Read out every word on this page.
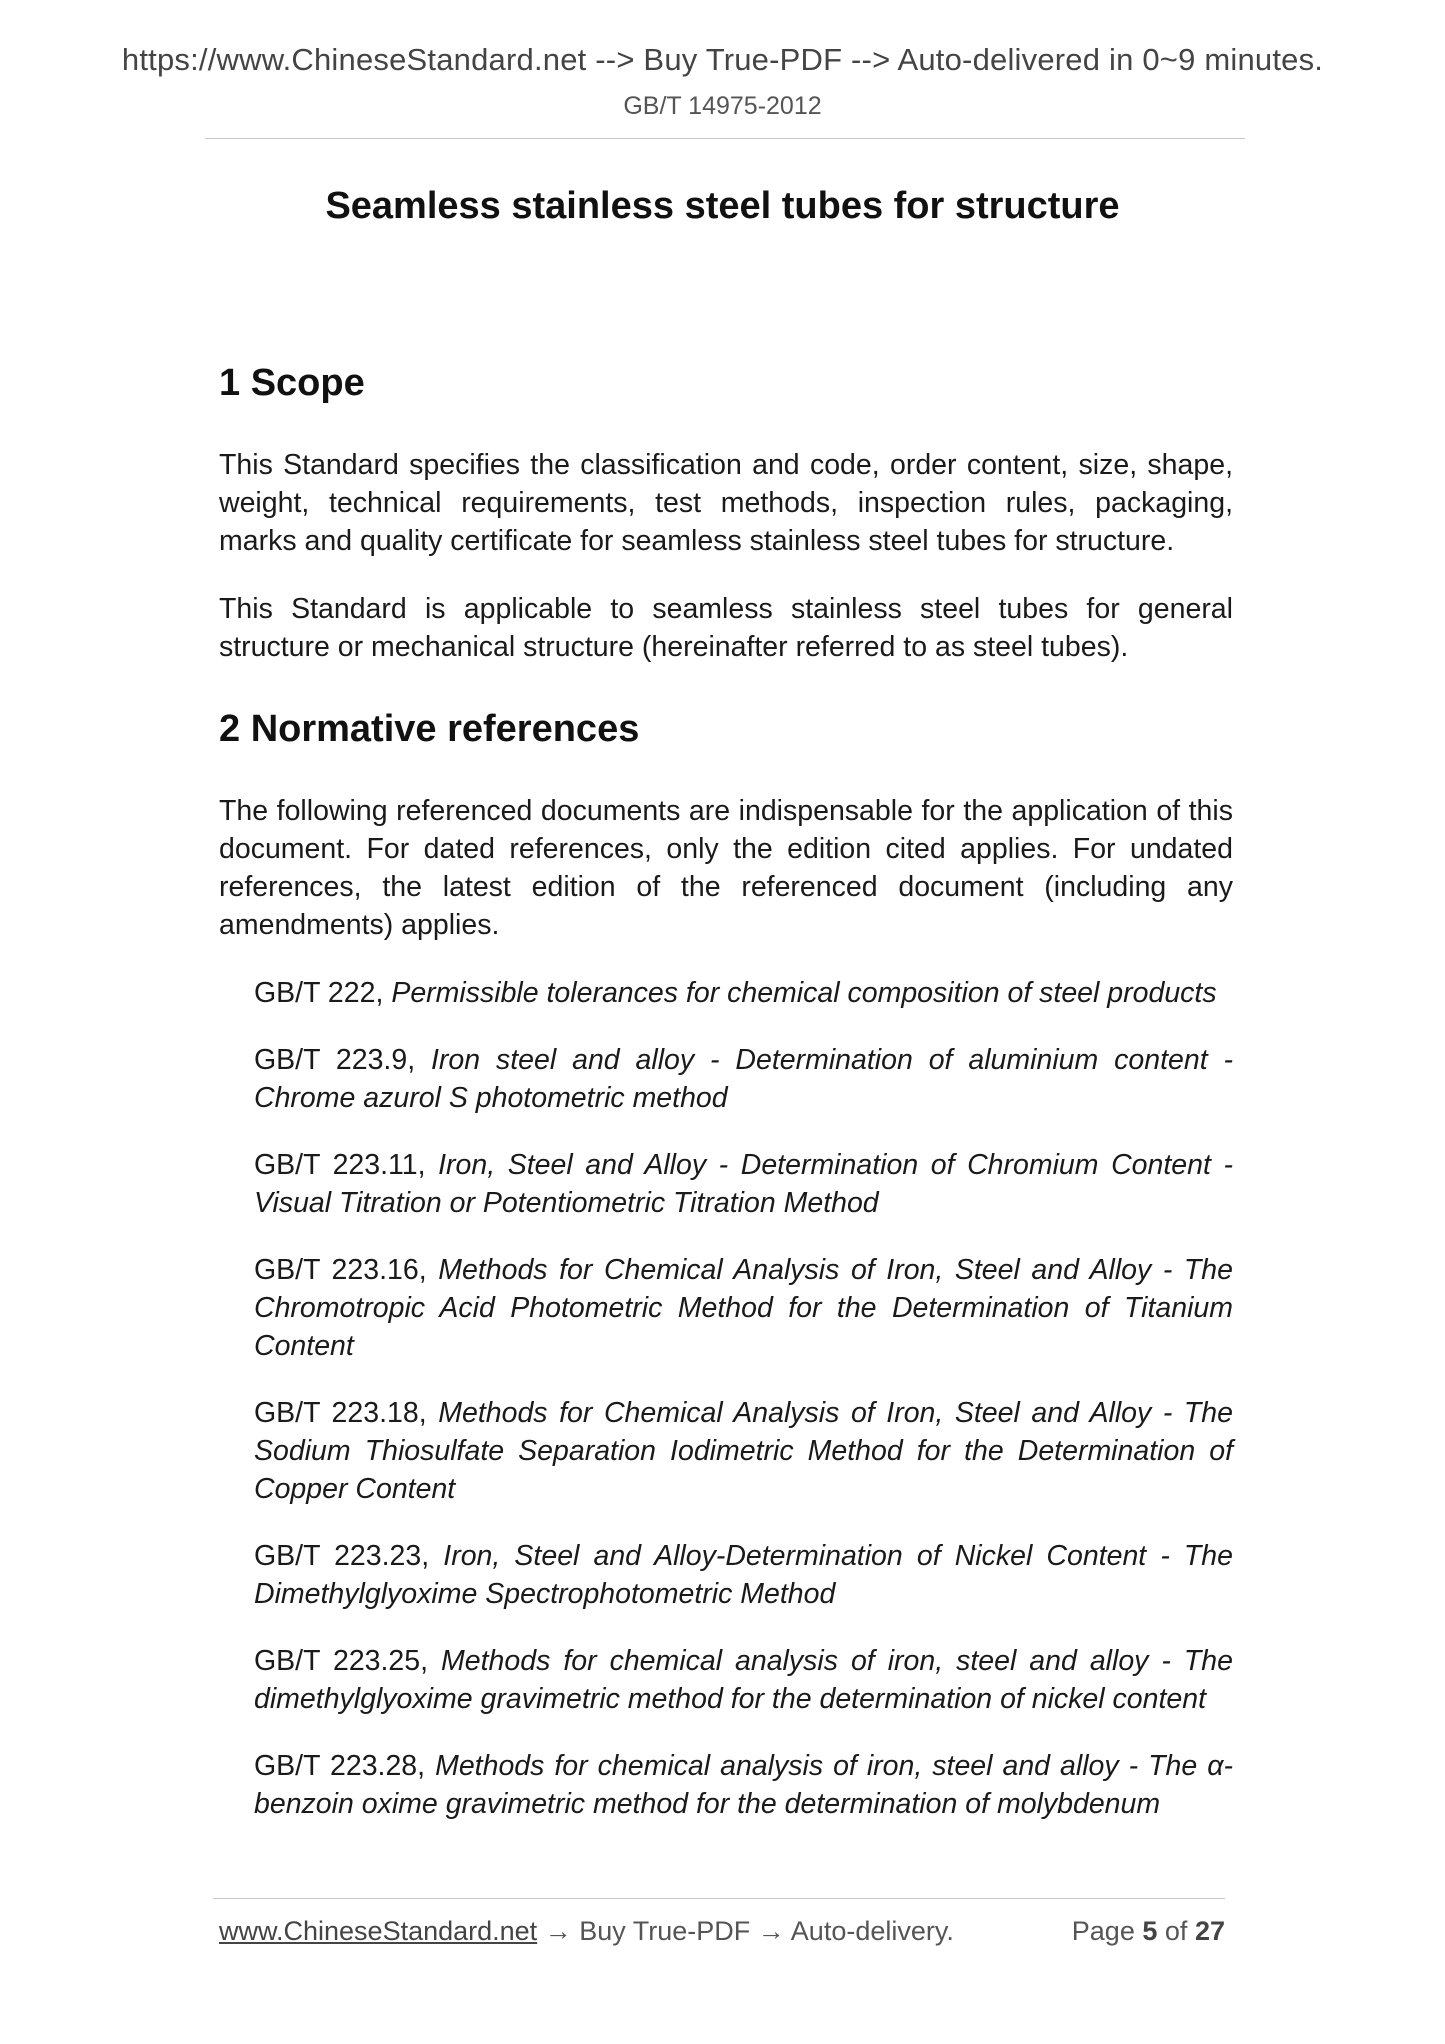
https://www.ChineseStandard.net --> Buy True-PDF --> Auto-delivered in 0~9 minutes.
GB/T 14975-2012
Seamless stainless steel tubes for structure
1 Scope

This Standard specifies the classification and code, order content, size, shape, weight, technical requirements, test methods, inspection rules, packaging, marks and quality certificate for seamless stainless steel tubes for structure.

This Standard is applicable to seamless stainless steel tubes for general structure or mechanical structure (hereinafter referred to as steel tubes).

2 Normative references

The following referenced documents are indispensable for the application of this document. For dated references, only the edition cited applies. For undated references, the latest edition of the referenced document (including any amendments) applies.

GB/T 222, Permissible tolerances for chemical composition of steel products
GB/T 223.9, Iron steel and alloy - Determination of aluminium content - Chrome azurol S photometric method
GB/T 223.11, Iron, Steel and Alloy - Determination of Chromium Content - Visual Titration or Potentiometric Titration Method
GB/T 223.16, Methods for Chemical Analysis of Iron, Steel and Alloy - The Chromotropic Acid Photometric Method for the Determination of Titanium Content
GB/T 223.18, Methods for Chemical Analysis of Iron, Steel and Alloy - The Sodium Thiosulfate Separation Iodimetric Method for the Determination of Copper Content
GB/T 223.23, Iron, Steel and Alloy-Determination of Nickel Content - The Dimethylglyoxime Spectrophotometric Method
GB/T 223.25, Methods for chemical analysis of iron, steel and alloy - The dimethylglyoxime gravimetric method for the determination of nickel content
GB/T 223.28, Methods for chemical analysis of iron, steel and alloy - The α-benzoin oxime gravimetric method for the determination of molybdenum
www.ChineseStandard.net → Buy True-PDF → Auto-delivery.	Page 5 of 27
